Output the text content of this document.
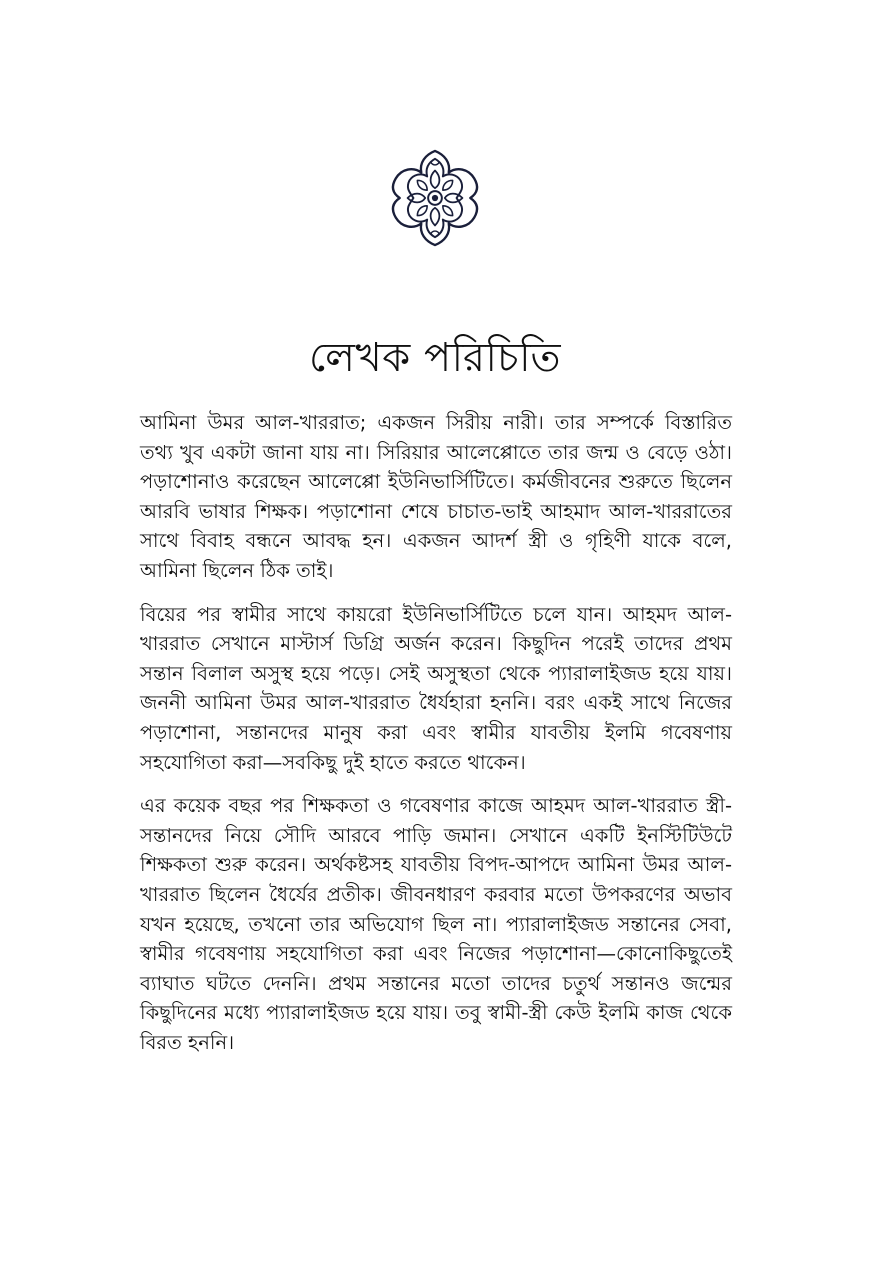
লেখক পরিচিতি

আমিনা উমর আল-খাররাত; একজন সিরীয় নারী। তার সম্পর্কে বিস্তারিত তথ্য খুব একটা জানা যায় না। সিরিয়ার আলেপ্পোতে তার জন্ম ও বেড়ে ওঠা। পড়াশোনাও করেছেন আলেপ্পো ইউনিভার্সিটিতে। কর্মজীবনের শুরুতে ছিলেন আরবি ভাষার শিক্ষক। পড়াশোনা শেষে চাচাত-ভাই আহমাদ আল-খাররাতের সাথে বিবাহ বন্ধনে আবদ্ধ হন। একজন আদর্শ স্ত্রী ও গৃহিণী যাকে বলে, আমিনা ছিলেন ঠিক তাই।

বিয়ের পর স্বামীর সাথে কায়রো ইউনিভার্সিটিতে চলে যান। আহমদ আল-খাররাত সেখানে মাস্টার্স ডিগ্রি অর্জন করেন। কিছুদিন পরেই তাদের প্রথম সন্তান বিলাল অসুস্থ হয়ে পড়ে। সেই অসুস্থতা থেকে প্যারালাইজড হয়ে যায়। জননী আমিনা উমর আল-খাররাত ধৈর্যহারা হননি। বরং একই সাথে নিজের পড়াশোনা, সন্তানদের মানুষ করা এবং স্বামীর যাবতীয় ইলমি গবেষণায় সহযোগিতা করা—সবকিছু দুই হাতে করতে থাকেন।

এর কয়েক বছর পর শিক্ষকতা ও গবেষণার কাজে আহমদ আল-খাররাত স্ত্রী-সন্তানদের নিয়ে সৌদি আরবে পাড়ি জমান। সেখানে একটি ইনস্টিটিউটে শিক্ষকতা শুরু করেন। অর্থকষ্টসহ যাবতীয় বিপদ-আপদে আমিনা উমর আল-খাররাত ছিলেন ধৈর্যের প্রতীক। জীবনধারণ করবার মতো উপকরণের অভাব যখন হয়েছে, তখনো তার অভিযোগ ছিল না। প্যারালাইজড সন্তানের সেবা, স্বামীর গবেষণায় সহযোগিতা করা এবং নিজের পড়াশোনা—কোনোকিছুতেই ব্যাঘাত ঘটতে দেননি। প্রথম সন্তানের মতো তাদের চতুর্থ সন্তানও জন্মের কিছুদিনের মধ্যে প্যারালাইজড হয়ে যায়। তবু স্বামী-স্ত্রী কেউ ইলমি কাজ থেকে বিরত হননি।
